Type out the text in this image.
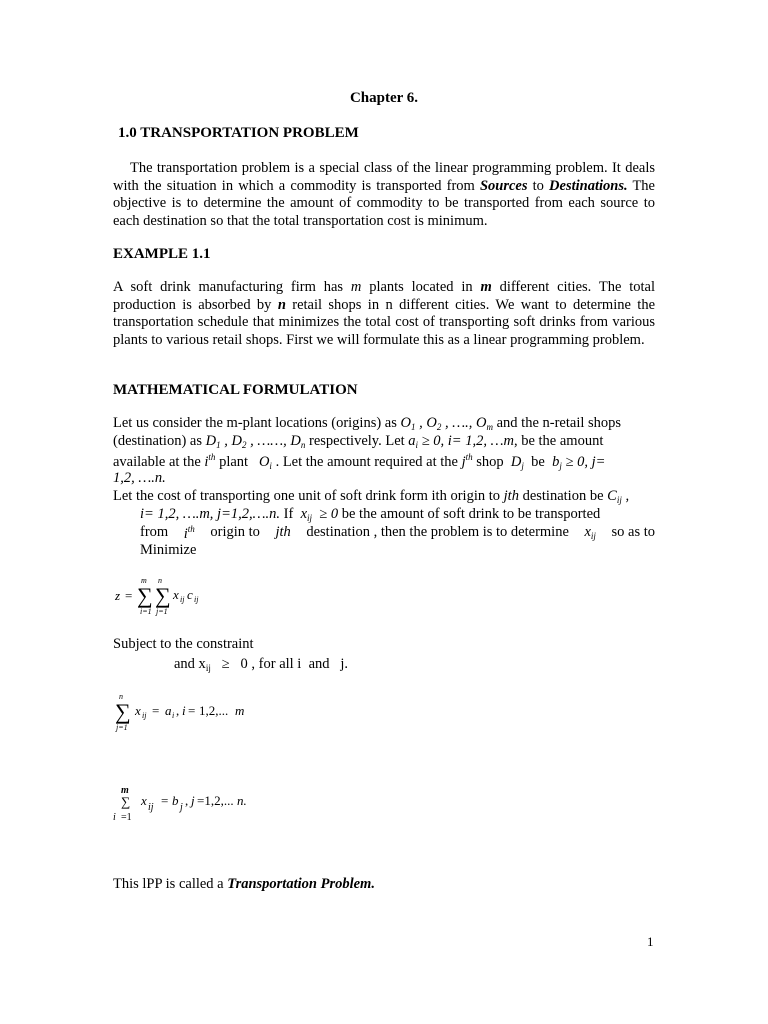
Chapter 6.
1.0 TRANSPORTATION PROBLEM
The transportation problem is a special class of the linear programming problem. It deals with the situation in which a commodity is transported from Sources to Destinations. The objective is to determine the amount of commodity to be transported from each source to each destination so that the total transportation cost is minimum.
EXAMPLE 1.1
A soft drink manufacturing firm has m plants located in m different cities. The total production is absorbed by n retail shops in n different cities. We want to determine the transportation schedule that minimizes the total cost of transporting soft drinks from various plants to various retail shops. First we will formulate this as a linear programming problem.
MATHEMATICAL FORMULATION
Let us consider the m-plant locations (origins) as $O_1$ , $O_2$ , …., $O_m$ and the n-retail shops
(destination) as $D_1$ , $D_2$ , ……, $D_n$ respectively. Let $a_i \ge 0$, i= 1,2, …m, be the amount
available at the $i^{th}$ plant $O_i$ . Let the amount required at the $j^{th}$ shop $D_j$ be $b_j \ge 0$, j=
1,2, ….n.
Let the cost of transporting one unit of soft drink form ith origin to jth destination be $C_{ij}$ ,
i= 1,2, ….m, j=1,2,….n. If $x_{ij} \ge 0$ be the amount of soft drink to be transported
from $i^{th}$ origin to jth destination , then the problem is to determine $x_{ij}$ so as to
Minimize
z =
m
∑
i=1
n
∑
j=1
x ij c ij
Subject to the constraint
and $x_{ij} \ge 0$ , for all i  and   j.
n
∑
j=1
x ij = a i , i = 1,2,... m
m
∑
i =1
x ij = b j , j =1,2,... n.
This lPP is called a Transportation Problem.
1
